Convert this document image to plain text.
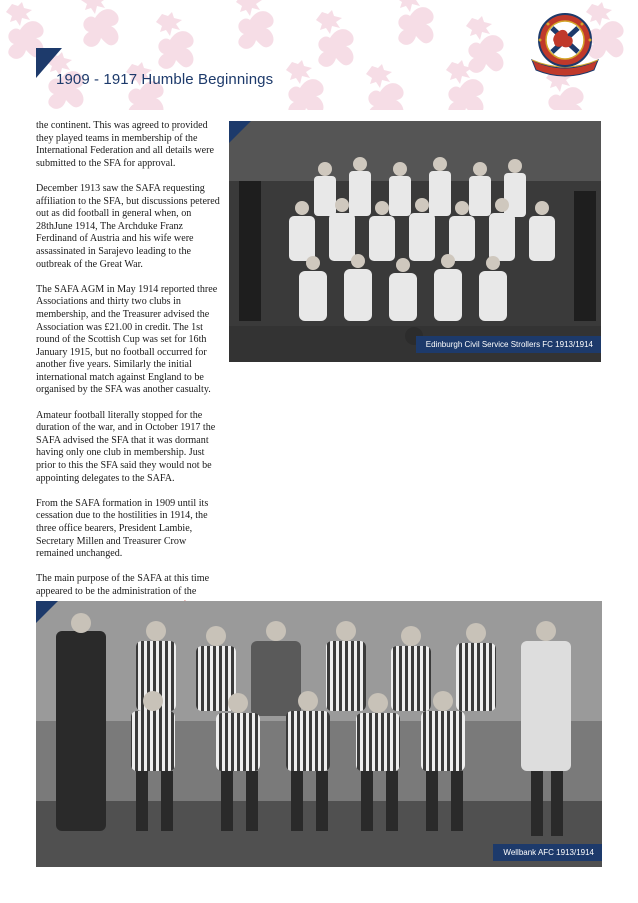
1909 - 1917 Humble Beginnings

the continent. This was agreed to provided they played teams in membership of the International Federation and all details were submitted to the SFA for approval.

December 1913 saw the SAFA requesting affiliation to the SFA, but discussions petered out as did football in general when, on 28thJune 1914, The Archduke Franz Ferdinand of Austria and his wife were assassinated in Sarajevo leading to the outbreak of the Great War.

The SAFA AGM in May 1914 reported three Associations and thirty two clubs in membership, and the Treasurer advised the Association was £21.00 in credit. The 1st round of the Scottish Cup was set for 16th January 1915, but no football occurred for another five years. Similarly the initial international match against England to be organised by the SFA was another casualty.

Amateur football literally stopped for the duration of the war, and in October 1917 the SAFA advised the SFA that it was dormant having only one club in membership. Just prior to this the SFA said they would not be appointing delegates to the SAFA.

From the SAFA formation in 1909 until its cessation due to the hostilities in 1914, the three office bearers, President Lambie, Secretary Millen and Treasurer Crow remained unchanged.

The main purpose of the SAFA at this time appeared to be the administration of the

Edinburgh Civil Service Strollers FC 1913/1914
Wellbank AFC 1913/1914
